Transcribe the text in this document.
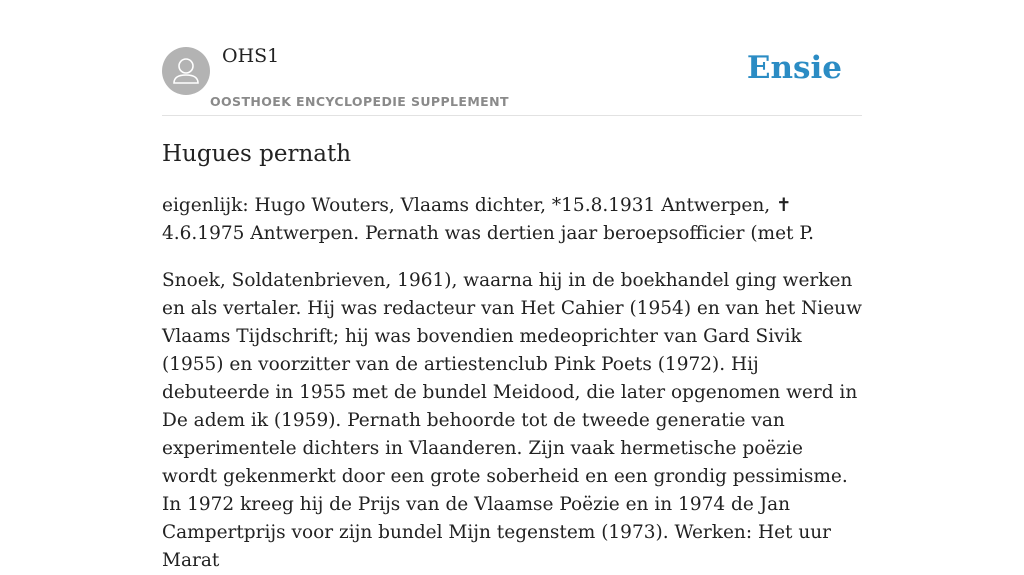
OHS1
OOSTHOEK ENCYCLOPEDIE SUPPLEMENT
Ensie
Hugues pernath

eigenlijk: Hugo Wouters, Vlaams dichter, *15.8.1931 Antwerpen, ✝ 4.6.1975 Antwerpen. Pernath was dertien jaar beroepsofficier (met P.

Snoek, Soldatenbrieven, 1961), waarna hij in de boekhandel ging werken en als vertaler. Hij was redacteur van Het Cahier (1954) en van het Nieuw Vlaams Tijdschrift; hij was bovendien medeoprichter van Gard Sivik (1955) en voorzitter van de artiestenclub Pink Poets (1972). Hij debuteerde in 1955 met de bundel Meidood, die later opgenomen werd in De adem ik (1959). Pernath behoorde tot de tweede generatie van experimentele dichters in Vlaanderen. Zijn vaak hermetische poëzie wordt gekenmerkt door een grote soberheid en een grondig pessimisme. In 1972 kreeg hij de Prijs van de Vlaamse Poëzie en in 1974 de Jan Campertprijs voor zijn bundel Mijn tegenstem (1973). Werken: Het uur Marat
